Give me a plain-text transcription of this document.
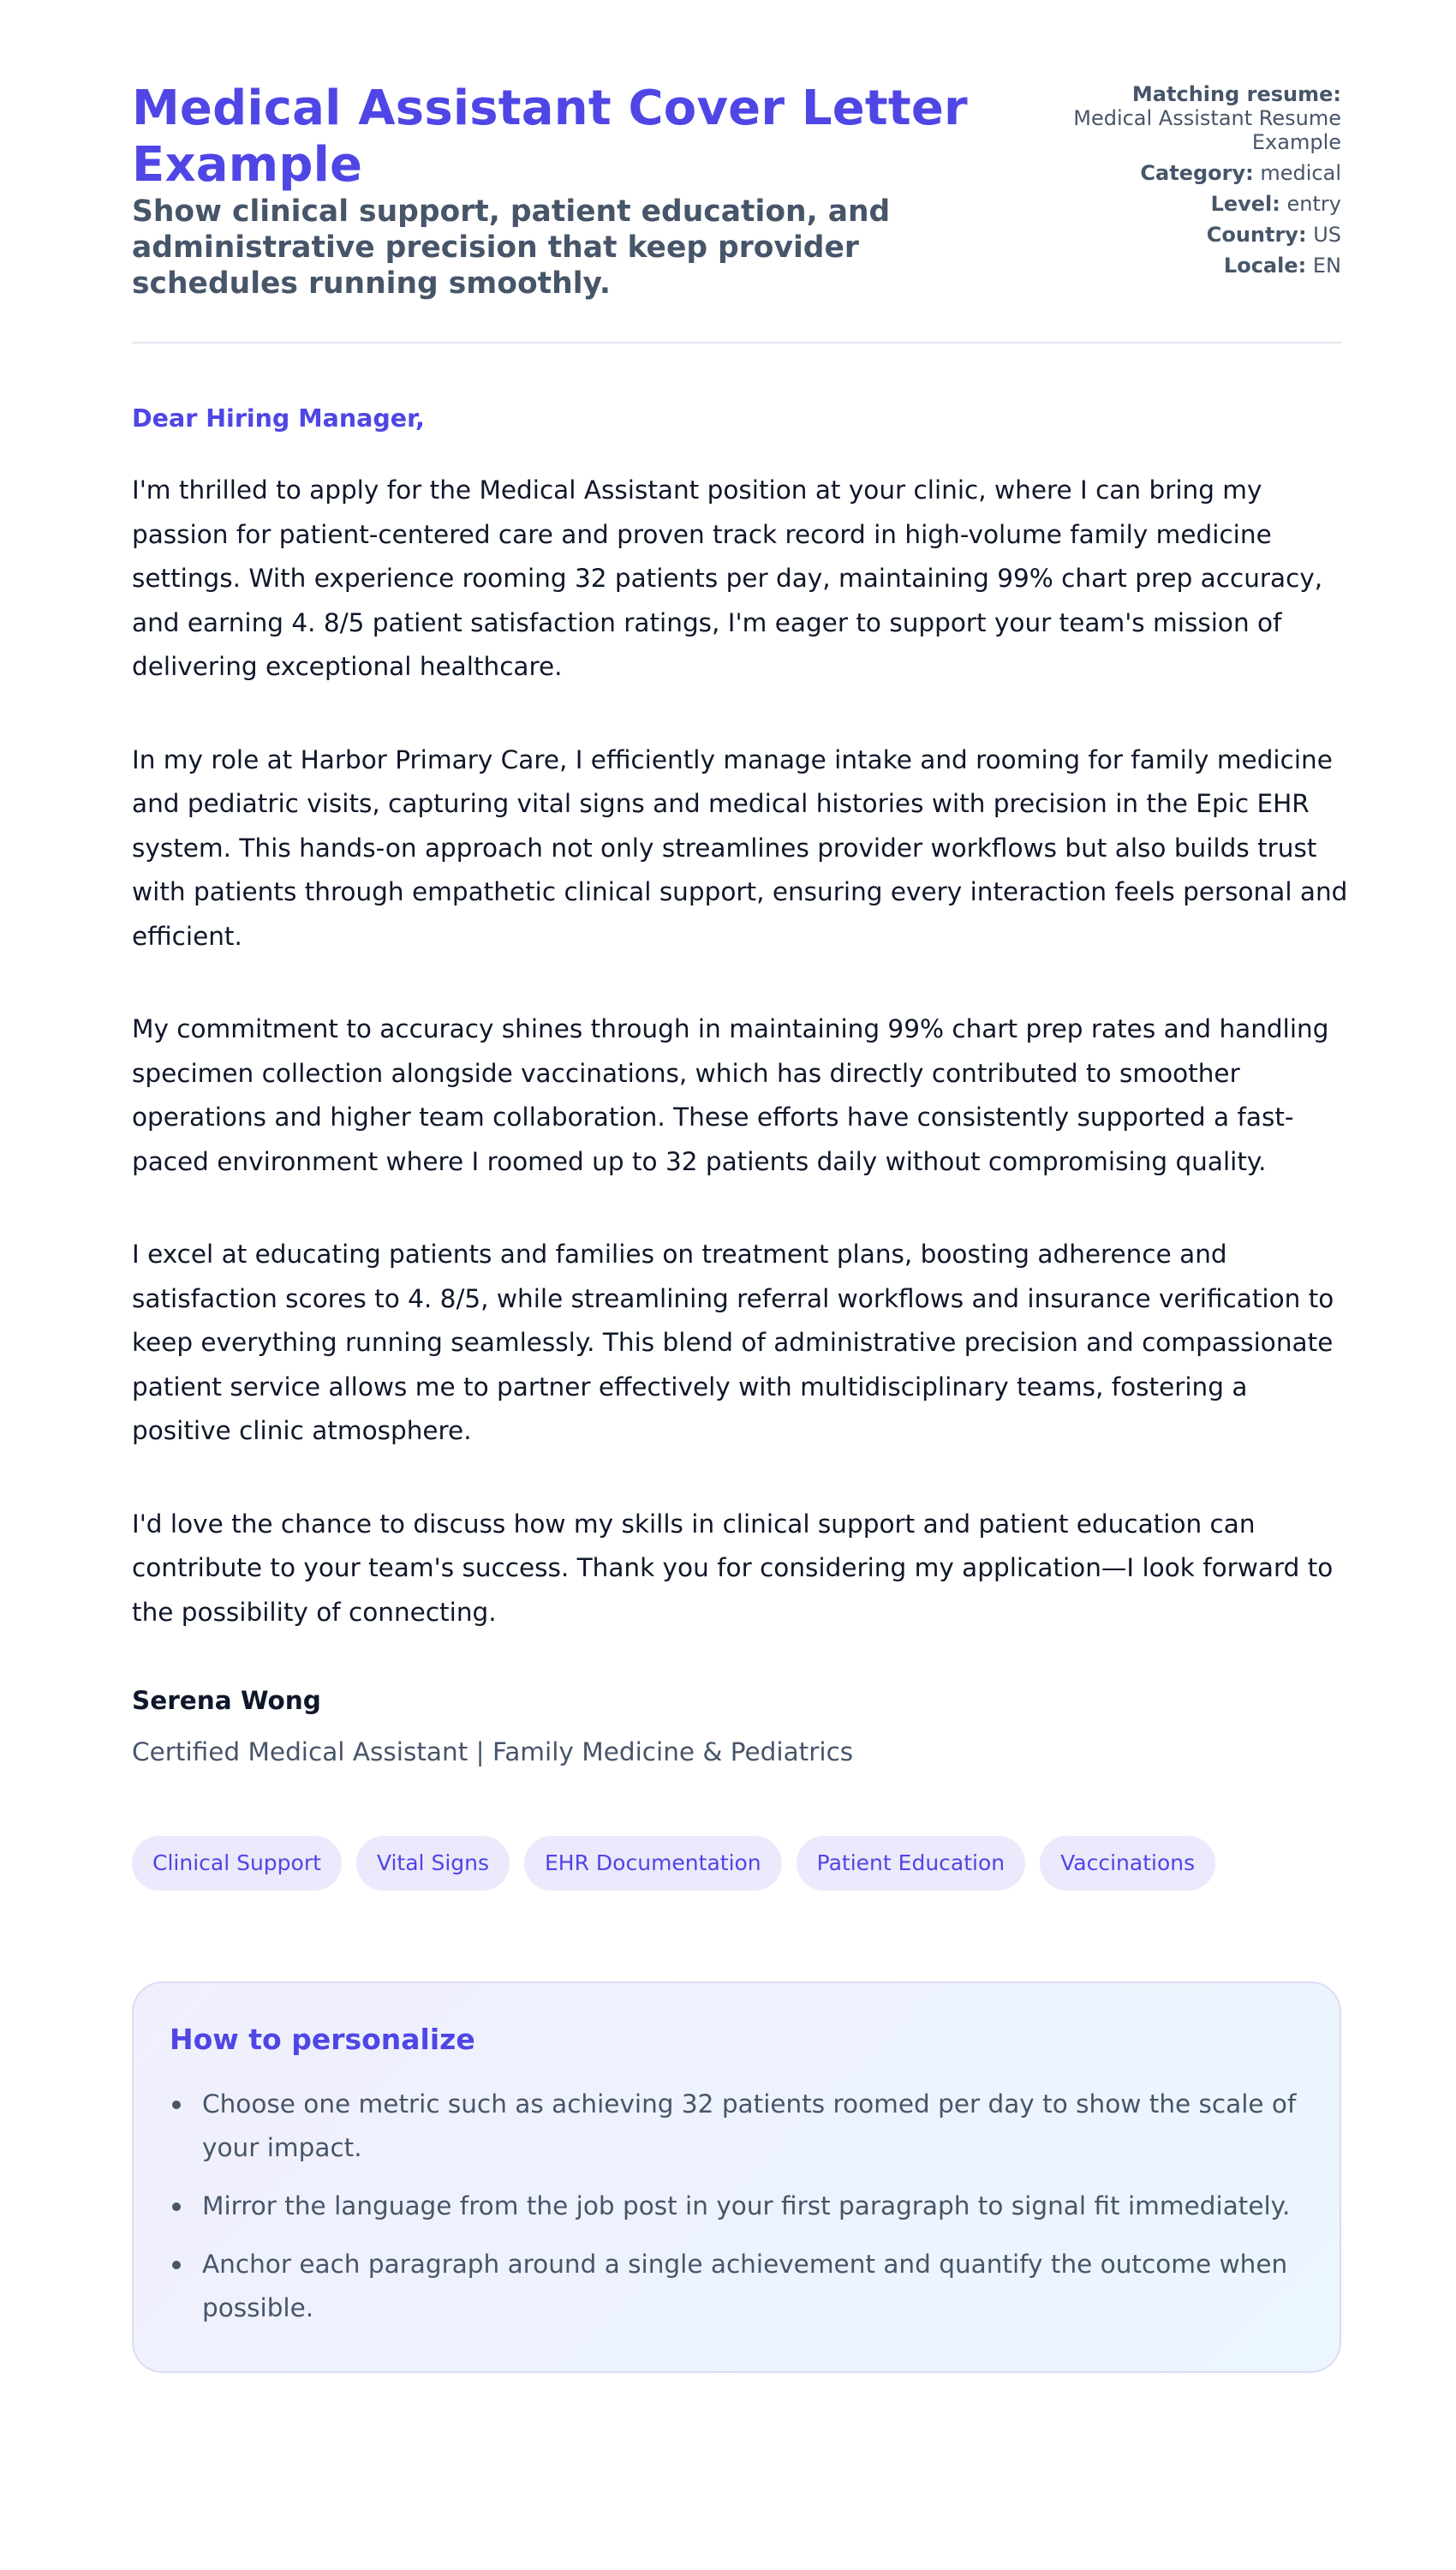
Medical Assistant Cover Letter Example
Show clinical support, patient education, and administrative precision that keep provider schedules running smoothly.
Matching resume:
Medical Assistant Resume Example
Category: medical
Level: entry
Country: US
Locale: EN
Dear Hiring Manager,

I'm thrilled to apply for the Medical Assistant position at your clinic, where I can bring my passion for patient-centered care and proven track record in high-volume family medicine settings. With experience rooming 32 patients per day, maintaining 99% chart prep accuracy, and earning 4. 8/5 patient satisfaction ratings, I'm eager to support your team's mission of delivering exceptional healthcare.

In my role at Harbor Primary Care, I efficiently manage intake and rooming for family medicine and pediatric visits, capturing vital signs and medical histories with precision in the Epic EHR system. This hands-on approach not only streamlines provider workflows but also builds trust with patients through empathetic clinical support, ensuring every interaction feels personal and efficient.

My commitment to accuracy shines through in maintaining 99% chart prep rates and handling specimen collection alongside vaccinations, which has directly contributed to smoother operations and higher team collaboration. These efforts have consistently supported a fast-paced environment where I roomed up to 32 patients daily without compromising quality.

I excel at educating patients and families on treatment plans, boosting adherence and satisfaction scores to 4. 8/5, while streamlining referral workflows and insurance verification to keep everything running seamlessly. This blend of administrative precision and compassionate patient service allows me to partner effectively with multidisciplinary teams, fostering a positive clinic atmosphere.

I'd love the chance to discuss how my skills in clinical support and patient education can contribute to your team's success. Thank you for considering my application—I look forward to the possibility of connecting.

Serena Wong
Certified Medical Assistant | Family Medicine & Pediatrics
Clinical Support	Vital Signs	EHR Documentation	Patient Education	Vaccinations
How to personalize
Choose one metric such as achieving 32 patients roomed per day to show the scale of your impact.
Mirror the language from the job post in your first paragraph to signal fit immediately.
Anchor each paragraph around a single achievement and quantify the outcome when possible.
